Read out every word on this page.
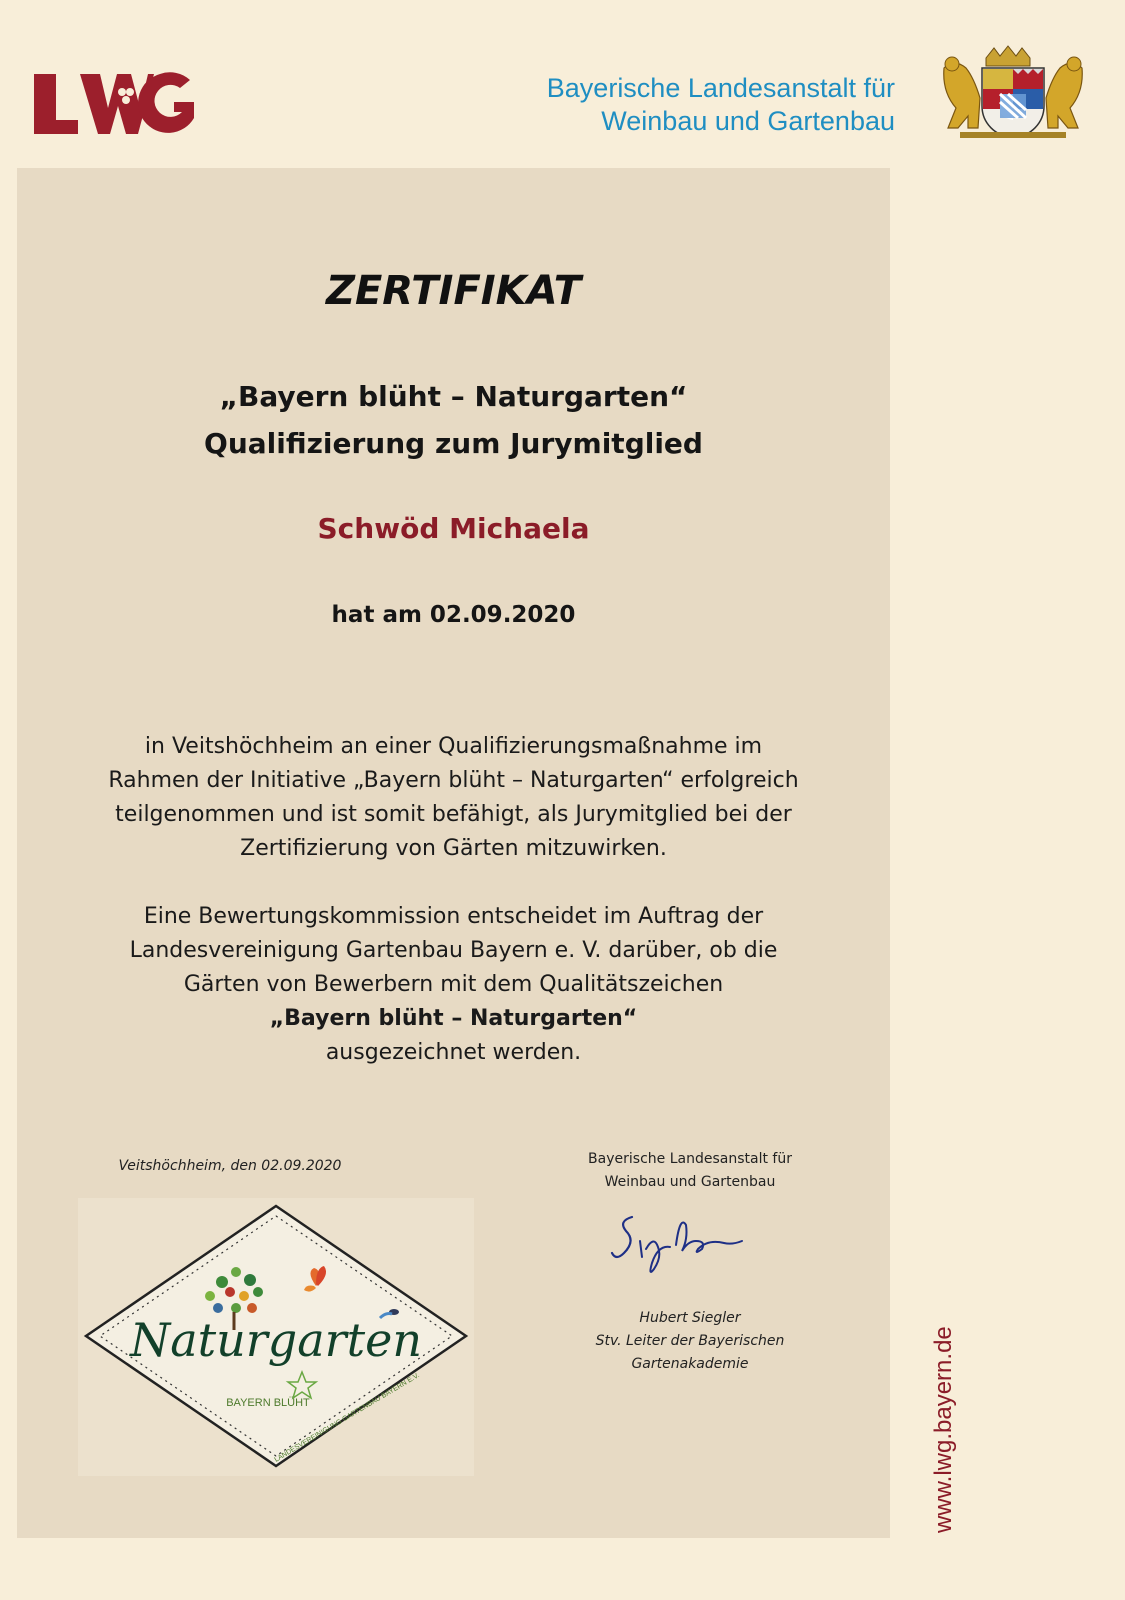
LWG
Bayerische Landesanstalt für
Weinbau und Gartenbau
ZERTIFIKAT
„Bayern blüht – Naturgarten“
Qualifizierung zum Jurymitglied
Schwöd Michaela
hat am 02.09.2020
in Veitshöchheim an einer Qualifizierungsmaßnahme im
Rahmen der Initiative „Bayern blüht – Naturgarten“ erfolgreich
teilgenommen und ist somit befähigt, als Jurymitglied bei der
Zertifizierung von Gärten mitzuwirken.
Eine Bewertungskommission entscheidet im Auftrag der
Landesvereinigung Gartenbau Bayern e. V. darüber, ob die
Gärten von Bewerbern mit dem Qualitätszeichen
„Bayern blüht – Naturgarten“
ausgezeichnet werden.
Veitshöchheim, den 02.09.2020	Bayerische Landesanstalt für
Weinbau und Gartenbau
Hubert Siegler
Stv. Leiter der Bayerischen
Gartenakademie
Naturgarten
BAYERN BLÜHT
LANDESVEREINIGUNG GARTENBAU BAYERN E.V.	www.lwg.bayern.de
